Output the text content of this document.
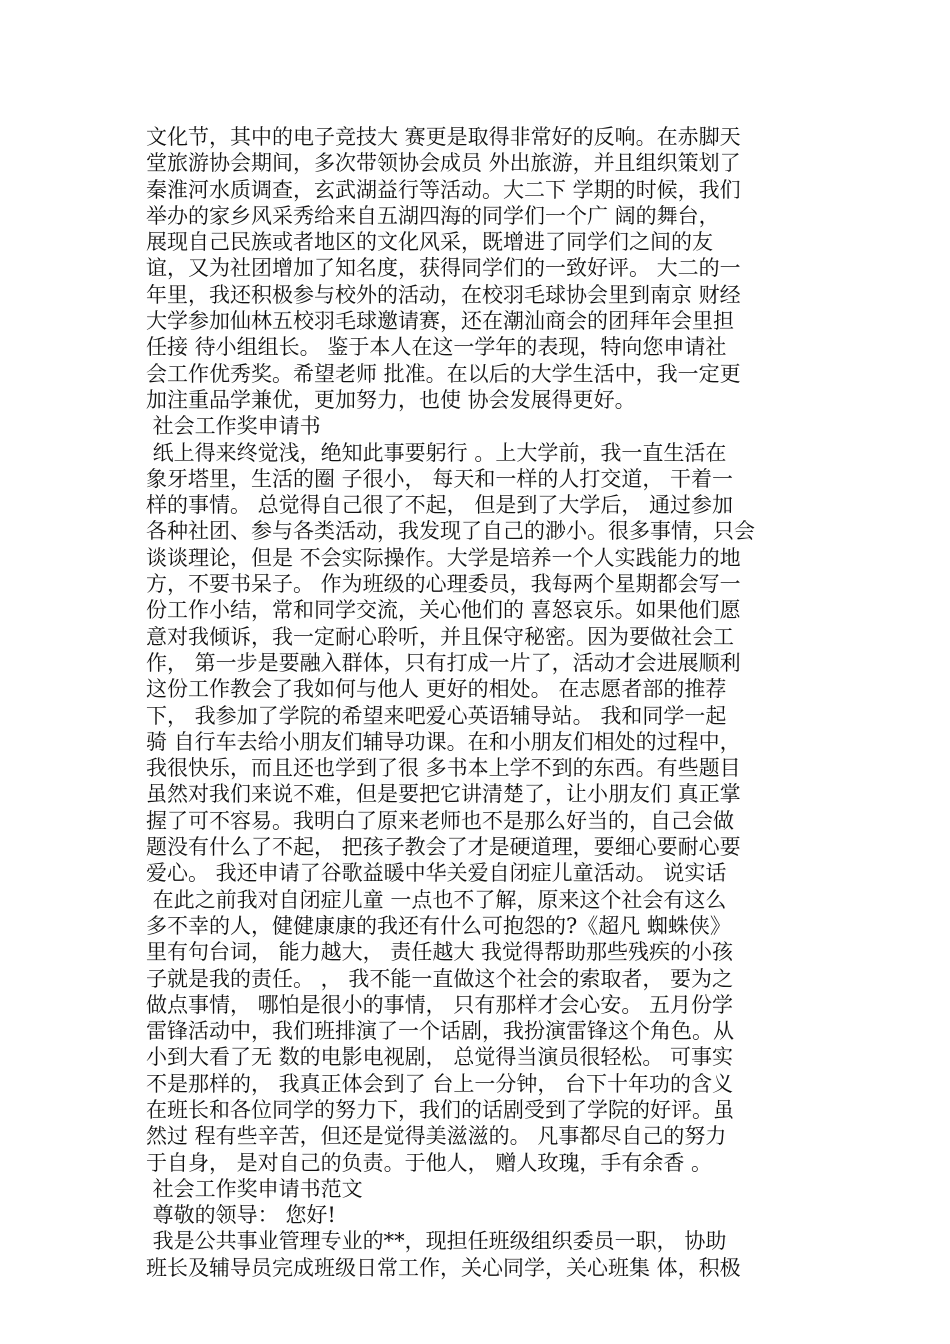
文化节，其中的电子竞技大 赛更是取得非常好的反响。在赤脚天
堂旅游协会期间，多次带领协会成员 外出旅游，并且组织策划了
秦淮河水质调查，玄武湖益行等活动。大二下 学期的时候，我们
举办的家乡风采秀给来自五湖四海的同学们一个广 阔的舞台，
展现自己民族或者地区的文化风采，既增进了同学们之间的友
谊，又为社团增加了知名度，获得同学们的一致好评。 大二的一
年里，我还积极参与校外的活动，在校羽毛球协会里到南京 财经
大学参加仙林五校羽毛球邀请赛，还在潮汕商会的团拜年会里担
任接 待小组组长。 鉴于本人在这一学年的表现，特向您申请社
会工作优秀奖。希望老师 批准。在以后的大学生活中，我一定更
加注重品学兼优，更加努力，也使 协会发展得更好。
社会工作奖申请书
纸上得来终觉浅，绝知此事要躬行 。上大学前，我一直生活在
象牙塔里，生活的圈 子很小， 每天和一样的人打交道， 干着一
样的事情。 总觉得自己很了不起， 但是到了大学后， 通过参加
各种社团、参与各类活动，我发现了自己的渺小。很多事情，只会
谈谈理论，但是 不会实际操作。大学是培养一个人实践能力的地
方，不要书呆子。 作为班级的心理委员，我每两个星期都会写一
份工作小结，常和同学交流，关心他们的 喜怒哀乐。如果他们愿
意对我倾诉，我一定耐心聆听，并且保守秘密。因为要做社会工
作， 第一步是要融入群体，只有打成一片了，活动才会进展顺利
这份工作教会了我如何与他人 更好的相处。 在志愿者部的推荐
下， 我参加了学院的希望来吧爱心英语辅导站。 我和同学一起
骑 自行车去给小朋友们辅导功课。在和小朋友们相处的过程中，
我很快乐，而且还也学到了很 多书本上学不到的东西。有些题目
虽然对我们来说不难，但是要把它讲清楚了，让小朋友们 真正掌
握了可不容易。我明白了原来老师也不是那么好当的，自己会做
题没有什么了不起， 把孩子教会了才是硬道理，要细心要耐心要
爱心。 我还申请了谷歌益暖中华关爱自闭症儿童活动。 说实话
在此之前我对自闭症儿童 一点也不了解，原来这个社会有这么
多不幸的人，健健康康的我还有什么可抱怨的?《超凡 蜘蛛侠》
里有句台词， 能力越大， 责任越大 我觉得帮助那些残疾的小孩
子就是我的责任。 ， 我不能一直做这个社会的索取者， 要为之
做点事情， 哪怕是很小的事情， 只有那样才会心安。 五月份学
雷锋活动中，我们班排演了一个话剧，我扮演雷锋这个角色。从
小到大看了无 数的电影电视剧， 总觉得当演员很轻松。 可事实
不是那样的， 我真正体会到了 台上一分钟， 台下十年功的含义
在班长和各位同学的努力下，我们的话剧受到了学院的好评。虽
然过 程有些辛苦，但还是觉得美滋滋的。 凡事都尽自己的努力
于自身， 是对自己的负责。于他人， 赠人玫瑰，手有余香 。
社会工作奖申请书范文
尊敬的领导： 您好!
我是公共事业管理专业的**，现担任班级组织委员一职， 协助
班长及辅导员完成班级日常工作，关心同学，关心班集 体，积极
